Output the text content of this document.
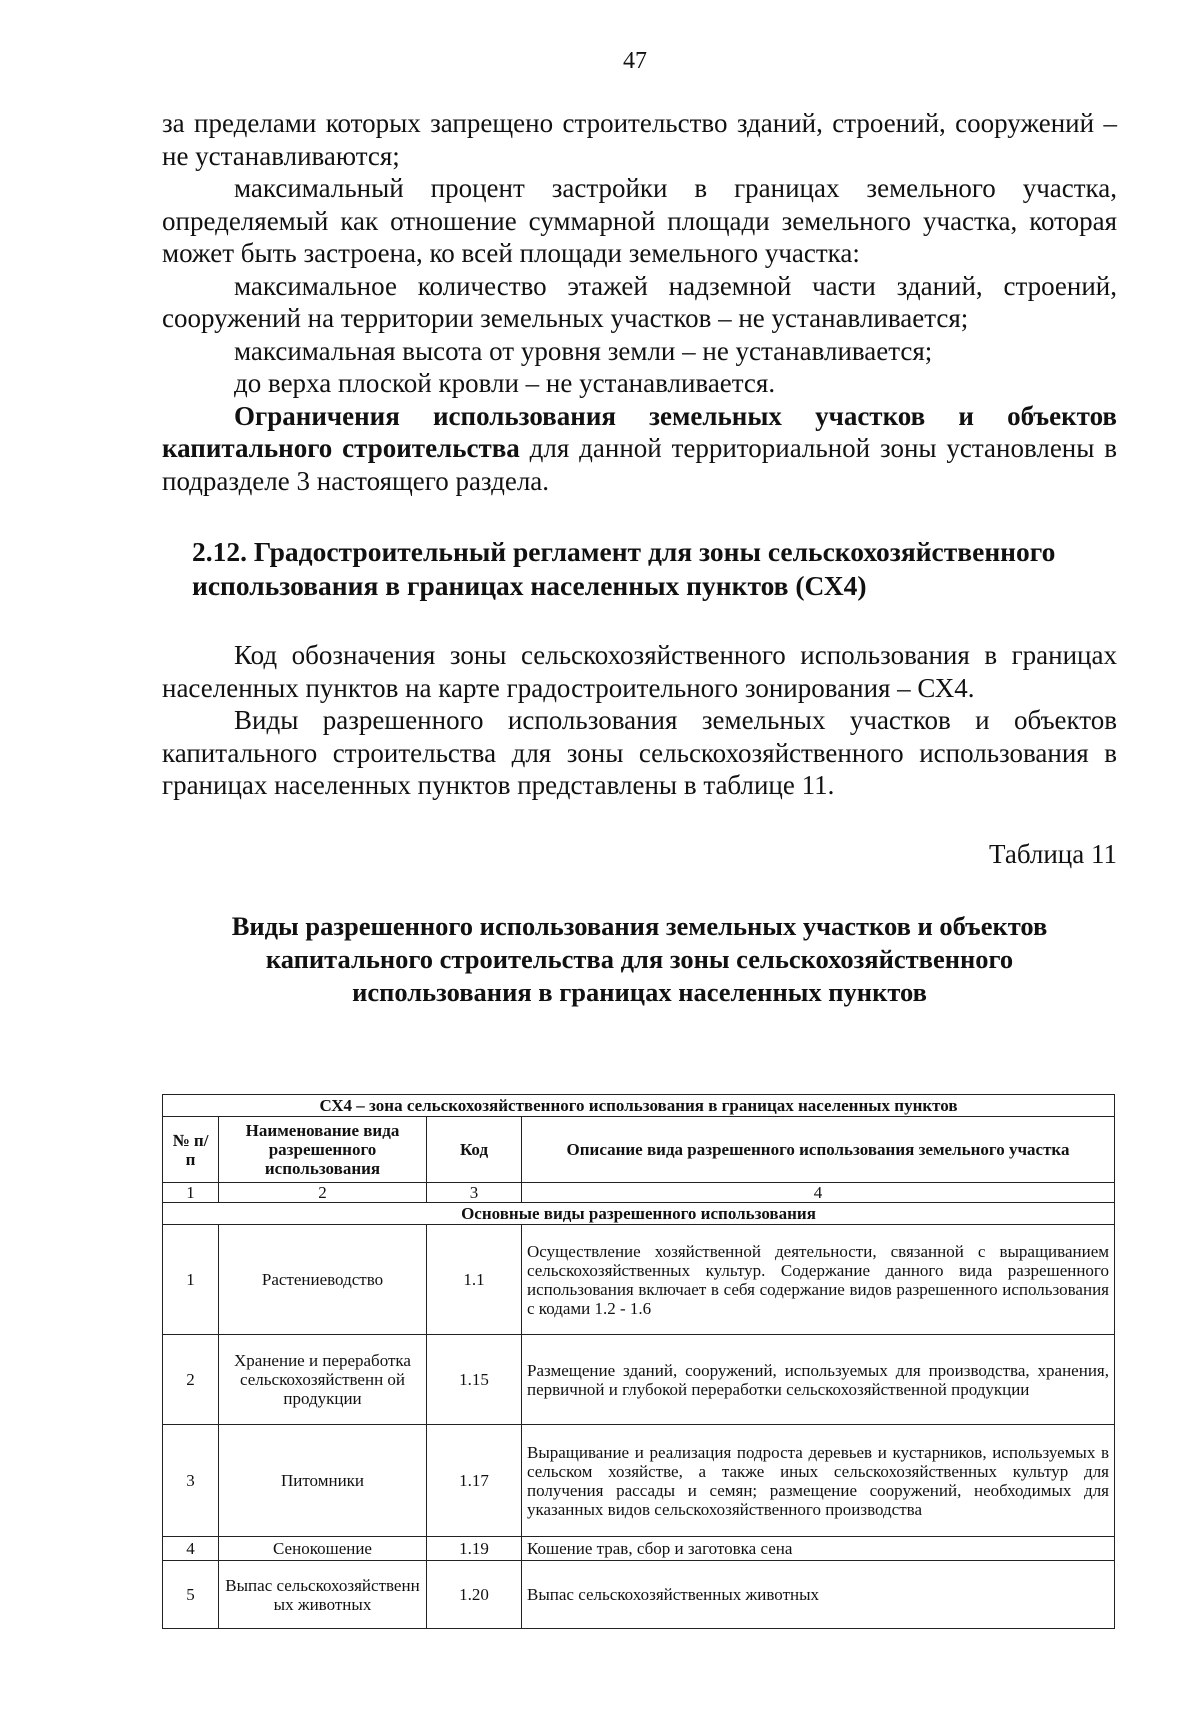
47

за пределами которых запрещено строительство зданий, строений, сооружений – не устанавливаются;

максимальный процент застройки в границах земельного участка, определяемый как отношение суммарной площади земельного участка, которая может быть застроена, ко всей площади земельного участка:

максимальное количество этажей надземной части зданий, строений, сооружений на территории земельных участков – не устанавливается;

максимальная высота от уровня земли – не устанавливается;

до верха плоской кровли – не устанавливается.

Ограничения использования земельных участков и объектов капитального строительства для данной территориальной зоны установлены в подразделе 3 настоящего раздела.

2.12. Градостроительный регламент для зоны сельскохозяйственного
использования в границах населенных пунктов (СХ4)

Код обозначения зоны сельскохозяйственного использования в границах населенных пунктов на карте градостроительного зонирования – СХ4.

Виды разрешенного использования земельных участков и объектов капитального строительства для зоны сельскохозяйственного использования в границах населенных пунктов представлены в таблице 11.

Таблица 11

Виды разрешенного использования земельных участков и объектов
капитального строительства для зоны сельскохозяйственного
использования в границах населенных пунктов

СХ4 – зона сельскохозяйственного использования в границах населенных пунктов			
№ п/п	Наименование вида разрешенного использования	Код	Описание вида разрешенного использования земельного участка
1	2	3	4
Основные виды разрешенного использования			
1	Растениеводство	1.1	Осуществление хозяйственной деятельности, связанной с выращиванием сельскохозяйственных культур. Содержание данного вида разрешенного использования включает в себя содержание видов разрешенного использования с кодами 1.2 - 1.6
2	Хранение и переработка сельскохозяйственн ой продукции	1.15	Размещение зданий, сооружений, используемых для производства, хранения, первичной и глубокой переработки сельскохозяйственной продукции
3	Питомники	1.17	Выращивание и реализация подроста деревьев и кустарников, используемых в сельском хозяйстве, а также иных сельскохозяйственных культур для получения рассады и семян; размещение сооружений, необходимых для указанных видов сельскохозяйственного производства
4	Сенокошение	1.19	Кошение трав, сбор и заготовка сена
5	Выпас сельскохозяйственн ых животных	1.20	Выпас сельскохозяйственных животных
